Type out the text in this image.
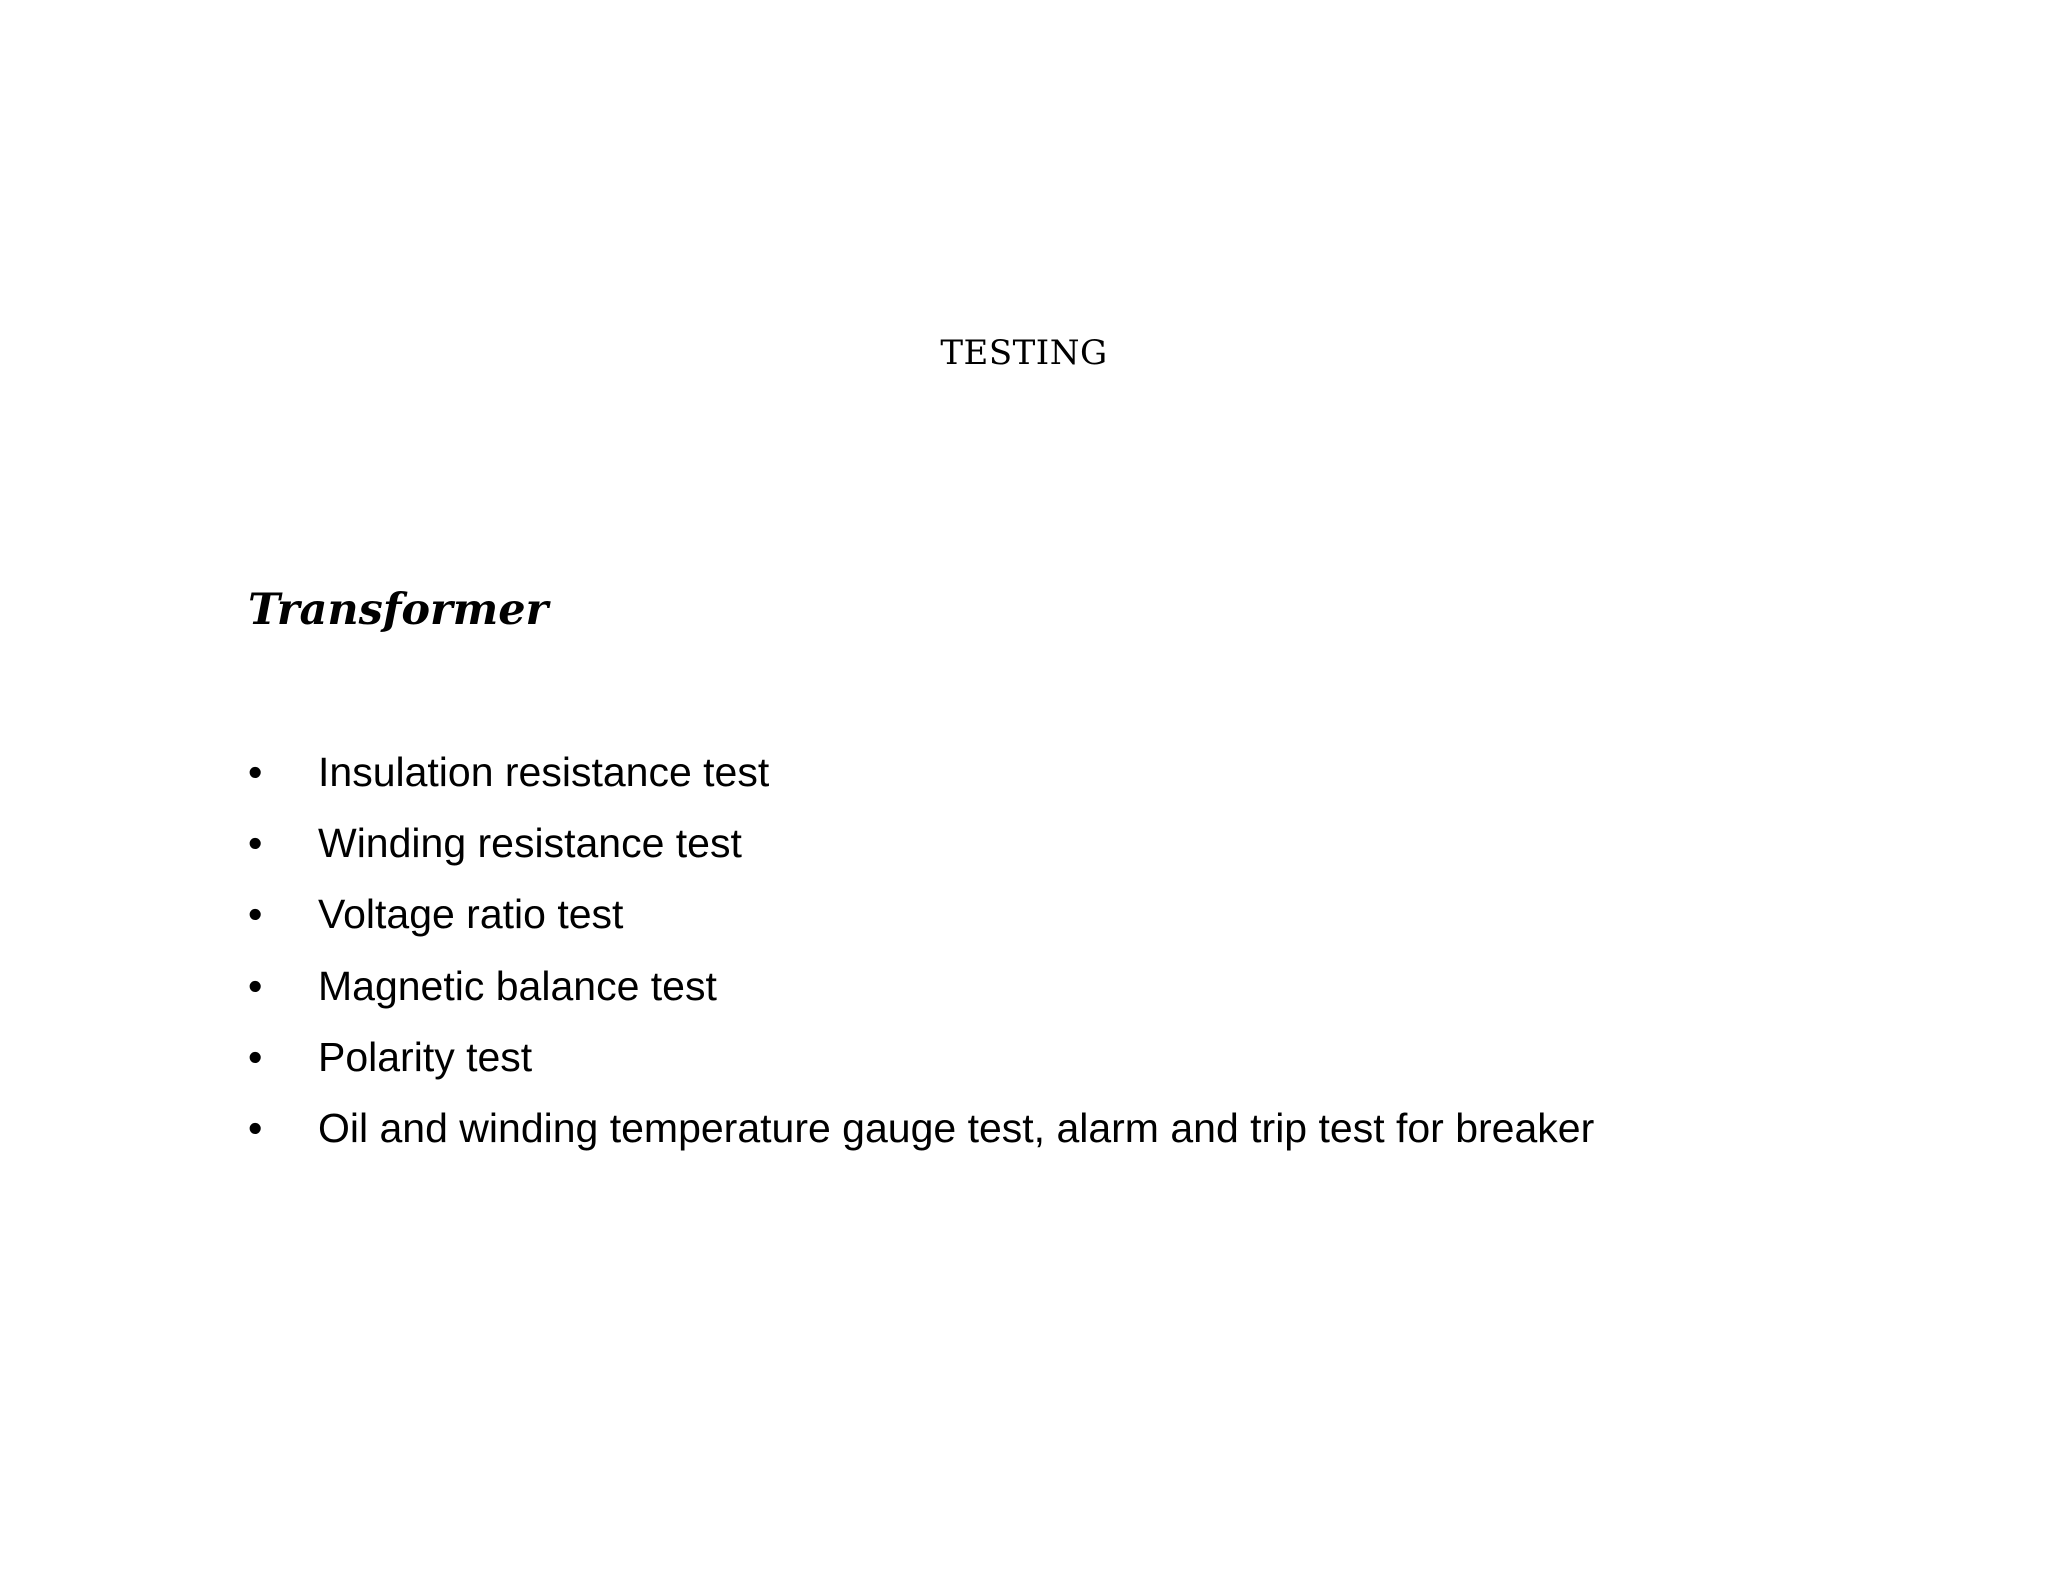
TESTING
Transformer
• Insulation resistance test
• Winding resistance test
• Voltage ratio test
• Magnetic balance test
• Polarity test
• Oil and winding temperature gauge test, alarm and trip test for breaker
